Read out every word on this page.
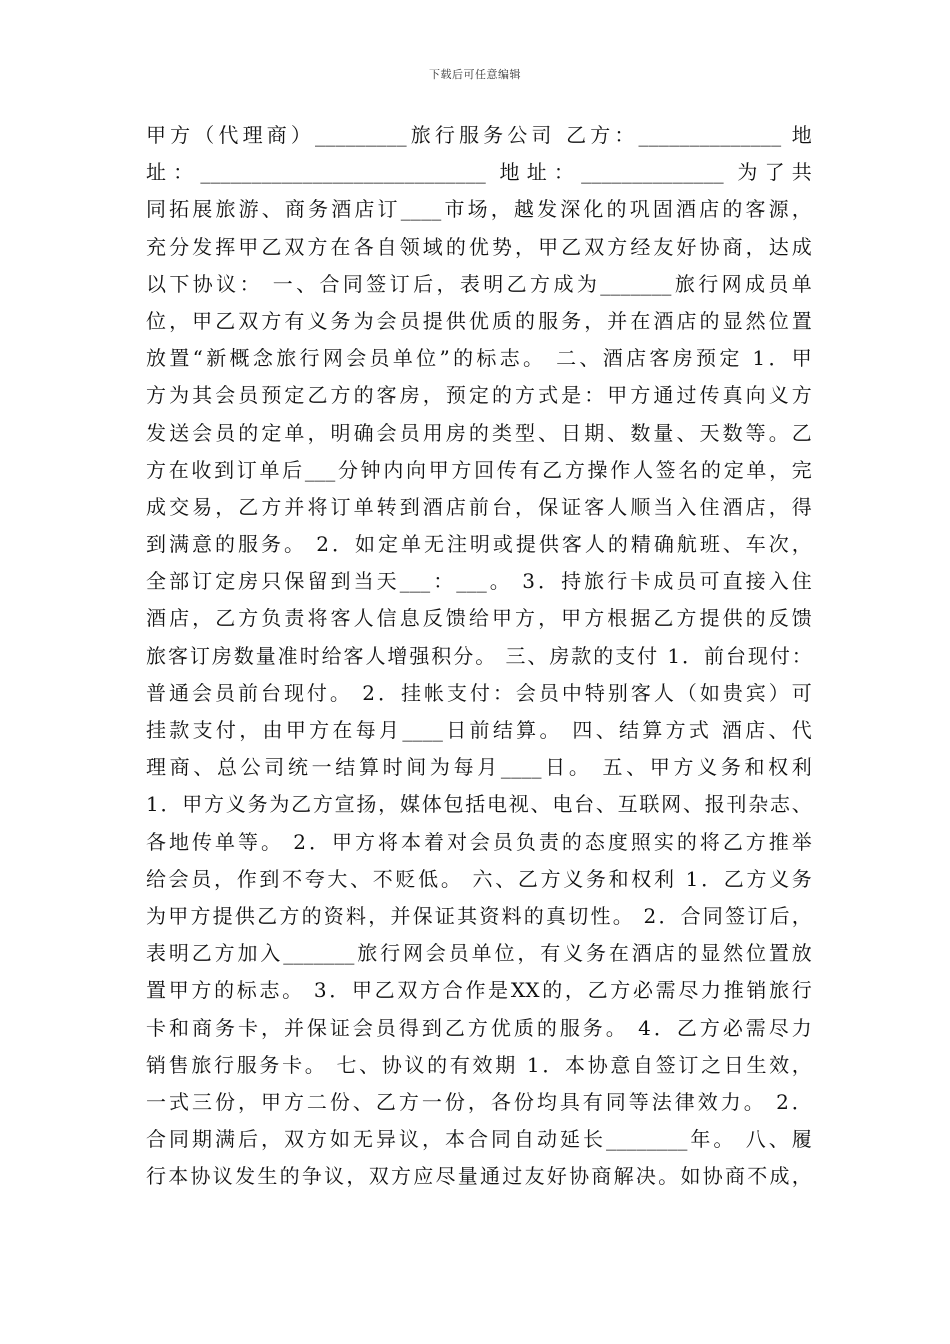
下载后可任意编辑
甲方（代理商）_________旅行服务公司 乙方：______________ 地
址：____________________________ 地址：______________ 为了共
同拓展旅游、商务酒店订____市场，越发深化的巩固酒店的客源，
充分发挥甲乙双方在各自领域的优势，甲乙双方经友好协商，达成
以下协议： 一、合同签订后，表明乙方成为_______旅行网成员单
位，甲乙双方有义务为会员提供优质的服务，并在酒店的显然位置
放置“新概念旅行网会员单位”的标志。 二、酒店客房预定 1．甲
方为其会员预定乙方的客房，预定的方式是：甲方通过传真向义方
发送会员的定单，明确会员用房的类型、日期、数量、天数等。乙
方在收到订单后___分钟内向甲方回传有乙方操作人签名的定单，完
成交易，乙方并将订单转到酒店前台，保证客人顺当入住酒店，得
到满意的服务。 2．如定单无注明或提供客人的精确航班、车次，
全部订定房只保留到当天___：___。 3．持旅行卡成员可直接入住
酒店，乙方负责将客人信息反馈给甲方，甲方根据乙方提供的反馈
旅客订房数量准时给客人增强积分。 三、房款的支付 1．前台现付：
普通会员前台现付。 2．挂帐支付：会员中特别客人（如贵宾）可
挂款支付，由甲方在每月____日前结算。 四、结算方式 酒店、代
理商、总公司统一结算时间为每月____日。 五、甲方义务和权利
1．甲方义务为乙方宣扬，媒体包括电视、电台、互联网、报刊杂志、
各地传单等。 2．甲方将本着对会员负责的态度照实的将乙方推举
给会员，作到不夸大、不贬低。 六、乙方义务和权利 1．乙方义务
为甲方提供乙方的资料，并保证其资料的真切性。 2．合同签订后，
表明乙方加入_______旅行网会员单位，有义务在酒店的显然位置放
置甲方的标志。 3．甲乙双方合作是XX的，乙方必需尽力推销旅行
卡和商务卡，并保证会员得到乙方优质的服务。 4．乙方必需尽力
销售旅行服务卡。 七、协议的有效期 1．本协意自签订之日生效，
一式三份，甲方二份、乙方一份，各份均具有同等法律效力。 2．
合同期满后，双方如无异议，本合同自动延长________年。 八、履
行本协议发生的争议，双方应尽量通过友好协商解决。如协商不成，
